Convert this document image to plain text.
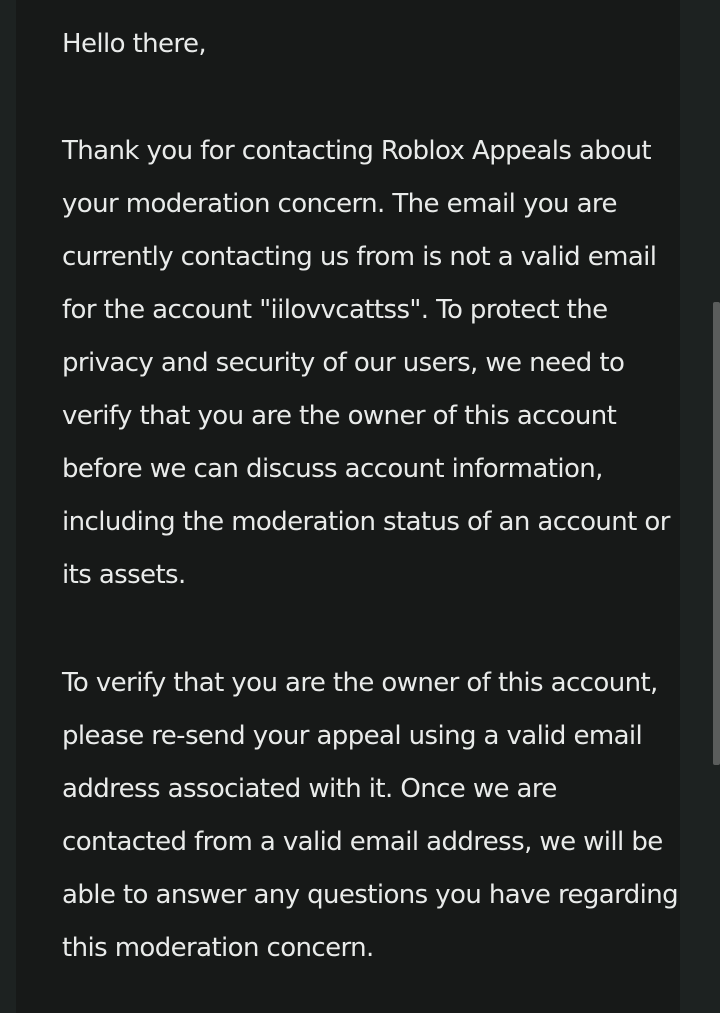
Hello there,

Thank you for contacting Roblox Appeals about
your moderation concern. The email you are
currently contacting us from is not a valid email
for the account "iilovvcattss". To protect the
privacy and security of our users, we need to
verify that you are the owner of this account
before we can discuss account information,
including the moderation status of an account or
its assets.

To verify that you are the owner of this account,
please re-send your appeal using a valid email
address associated with it. Once we are
contacted from a valid email address, we will be
able to answer any questions you have regarding
this moderation concern.
